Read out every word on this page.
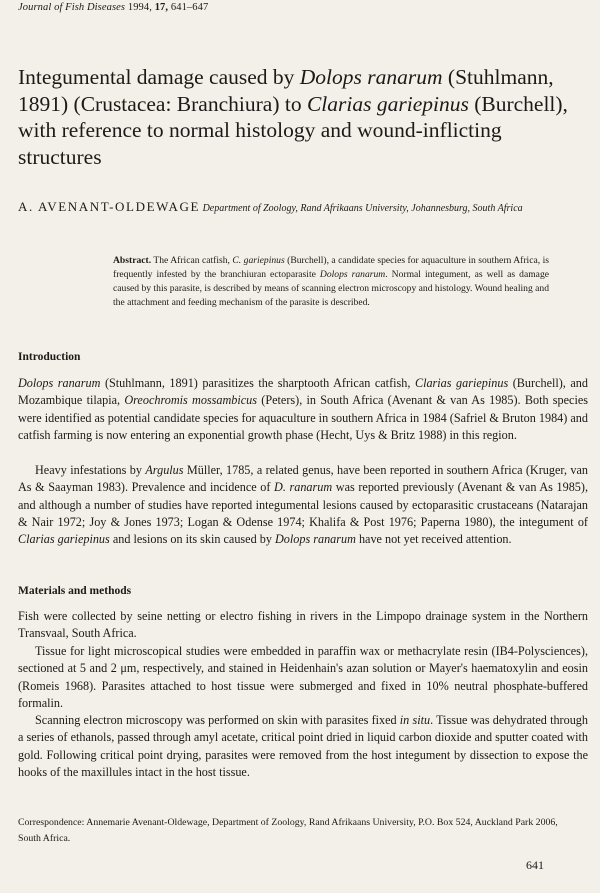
Journal of Fish Diseases 1994, 17, 641–647
Integumental damage caused by Dolops ranarum (Stuhlmann, 1891) (Crustacea: Branchiura) to Clarias gariepinus (Burchell), with reference to normal histology and wound-inflicting structures
A. AVENANT-OLDEWAGE Department of Zoology, Rand Afrikaans University, Johannesburg, South Africa

Abstract. The African catfish, C. gariepinus (Burchell), a candidate species for aquaculture in southern Africa, is frequently infested by the branchiuran ectoparasite Dolops ranarum. Normal integument, as well as damage caused by this parasite, is described by means of scanning electron microscopy and histology. Wound healing and the attachment and feeding mechanism of the parasite is described.

Introduction

Dolops ranarum (Stuhlmann, 1891) parasitizes the sharptooth African catfish, Clarias gariepinus (Burchell), and Mozambique tilapia, Oreochromis mossambicus (Peters), in South Africa (Avenant & van As 1985). Both species were identified as potential candidate species for aquaculture in southern Africa in 1984 (Safriel & Bruton 1984) and catfish farming is now entering an exponential growth phase (Hecht, Uys & Britz 1988) in this region.

Heavy infestations by Argulus Müller, 1785, a related genus, have been reported in southern Africa (Kruger, van As & Saayman 1983). Prevalence and incidence of D. ranarum was reported previously (Avenant & van As 1985), and although a number of studies have reported integumental lesions caused by ectoparasitic crustaceans (Natarajan & Nair 1972; Joy & Jones 1973; Logan & Odense 1974; Khalifa & Post 1976; Paperna 1980), the integument of Clarias gariepinus and lesions on its skin caused by Dolops ranarum have not yet received attention.

Materials and methods

Fish were collected by seine netting or electro fishing in rivers in the Limpopo drainage system in the Northern Transvaal, South Africa.

Tissue for light microscopical studies were embedded in paraffin wax or methacrylate resin (IB4-Polysciences), sectioned at 5 and 2 μm, respectively, and stained in Heidenhain's azan solution or Mayer's haematoxylin and eosin (Romeis 1968). Parasites attached to host tissue were submerged and fixed in 10% neutral phosphate-buffered formalin.

Scanning electron microscopy was performed on skin with parasites fixed in situ. Tissue was dehydrated through a series of ethanols, passed through amyl acetate, critical point dried in liquid carbon dioxide and sputter coated with gold. Following critical point drying, parasites were removed from the host integument by dissection to expose the hooks of the maxillules intact in the host tissue.

Correspondence: Annemarie Avenant-Oldewage, Department of Zoology, Rand Afrikaans University, P.O. Box 524, Auckland Park 2006, South Africa.

641
